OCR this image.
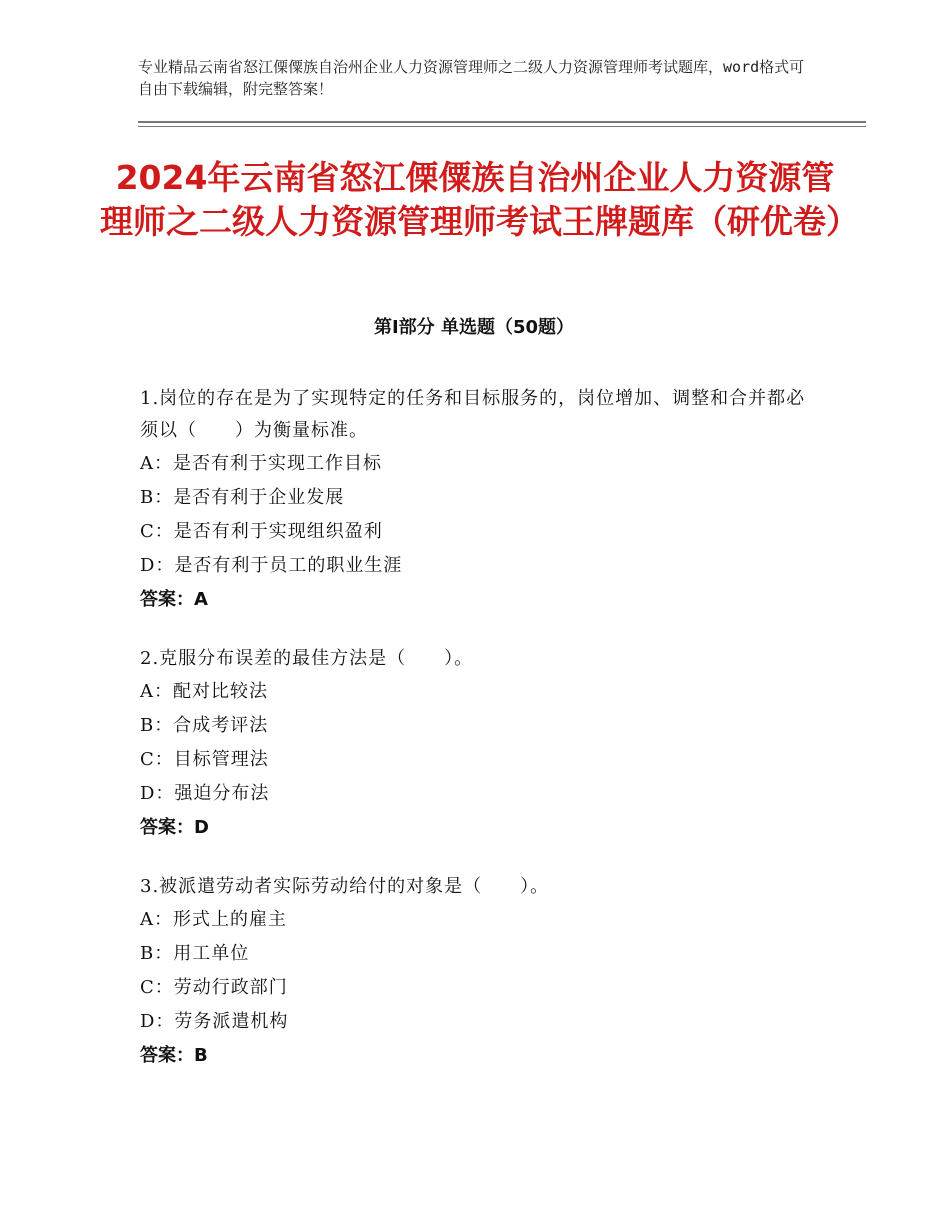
专业精品云南省怒江傈僳族自治州企业人力资源管理师之二级人力资源管理师考试题库，word格式可自由下载编辑，附完整答案！
2024年云南省怒江傈僳族自治州企业人力资源管理师之二级人力资源管理师考试王牌题库（研优卷）
第Ⅰ部分 单选题（50题）

1.岗位的存在是为了实现特定的任务和目标服务的，岗位增加、调整和合并都必须以（　　）为衡量标准。

A：是否有利于实现工作目标

B：是否有利于企业发展

C：是否有利于实现组织盈利

D：是否有利于员工的职业生涯

答案：A

2.克服分布误差的最佳方法是（　　）。

A：配对比较法

B：合成考评法

C：目标管理法

D：强迫分布法

答案：D

3.被派遣劳动者实际劳动给付的对象是（　　）。

A：形式上的雇主

B：用工单位

C：劳动行政部门

D：劳务派遣机构

答案：B
